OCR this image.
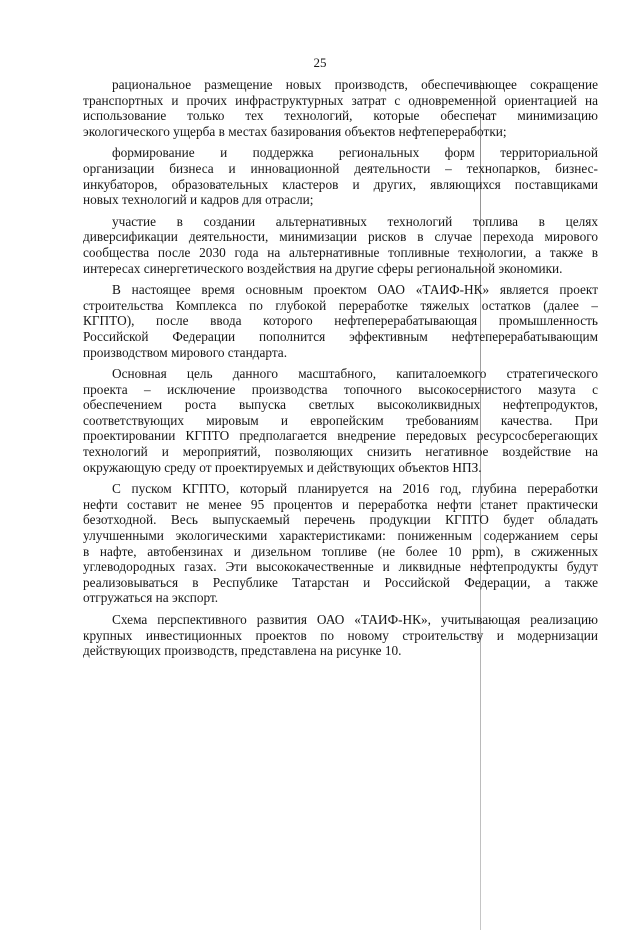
25
рациональное размещение новых производств, обеспечивающее сокращение
транспортных и прочих инфраструктурных затрат с одновременной ориентацией на
использование только тех технологий, которые обеспечат минимизацию
экологического ущерба в местах базирования объектов нефтепереработки;
формирование и поддержка региональных форм территориальной
организации бизнеса и инновационной деятельности – технопарков, бизнес-
инкубаторов, образовательных кластеров и других, являющихся поставщиками
новых технологий и кадров для отрасли;
участие в создании альтернативных технологий топлива в целях
диверсификации деятельности, минимизации рисков в случае перехода мирового
сообщества после 2030 года на альтернативные топливные технологии, а также в
интересах синергетического воздействия на другие сферы региональной экономики.
В настоящее время основным проектом ОАО «ТАИФ-НК» является проект
строительства Комплекса по глубокой переработке тяжелых остатков (далее –
КГПТО), после ввода которого нефтеперерабатывающая промышленность
Российской Федерации пополнится эффективным нефтеперерабатывающим
производством мирового стандарта.
Основная цель данного масштабного, капиталоемкого стратегического
проекта – исключение производства топочного высокосернистого мазута с
обеспечением роста выпуска светлых высоколиквидных нефтепродуктов,
соответствующих мировым и европейским требованиям качества. При
проектировании КГПТО предполагается внедрение передовых ресурсосберегающих
технологий и мероприятий, позволяющих снизить негативное воздействие на
окружающую среду от проектируемых и действующих объектов НПЗ.
С пуском КГПТО, который планируется на 2016 год, глубина переработки
нефти составит не менее 95 процентов и переработка нефти станет практически
безотходной. Весь выпускаемый перечень продукции КГПТО будет обладать
улучшенными экологическими характеристиками: пониженным содержанием серы
в нафте, автобензинах и дизельном топливе (не более 10 ppm), в сжиженных
углеводородных газах. Эти высококачественные и ликвидные нефтепродукты будут
реализовываться в Республике Татарстан и Российской Федерации, а также
отгружаться на экспорт.
Схема перспективного развития ОАО «ТАИФ-НК», учитывающая реализацию
крупных инвестиционных проектов по новому строительству и модернизации
действующих производств, представлена на рисунке 10.
